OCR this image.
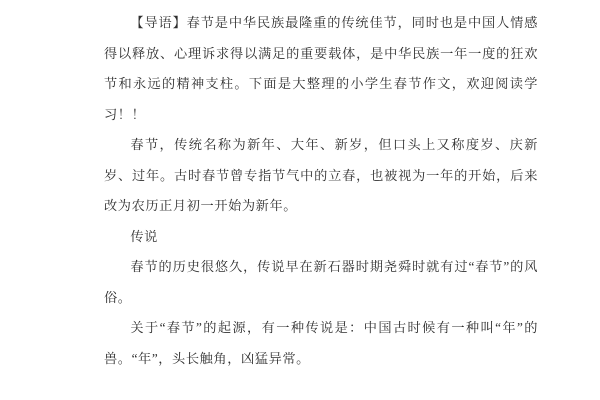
【导语】春节是中华民族最隆重的传统佳节，同时也是中国人情感得以释放、心理诉求得以满足的重要载体，是中华民族一年一度的狂欢节和永远的精神支柱。下面是大整理的小学生春节作文，欢迎阅读学习！！

春节，传统名称为新年、大年、新岁，但口头上又称度岁、庆新岁、过年。古时春节曾专指节气中的立春，也被视为一年的开始，后来改为农历正月初一开始为新年。

传说

春节的历史很悠久，传说早在新石器时期尧舜时就有过“春节”的风俗。

关于“春节”的起源，有一种传说是：中国古时候有一种叫“年”的兽。“年”，头长触角，凶猛异常。
